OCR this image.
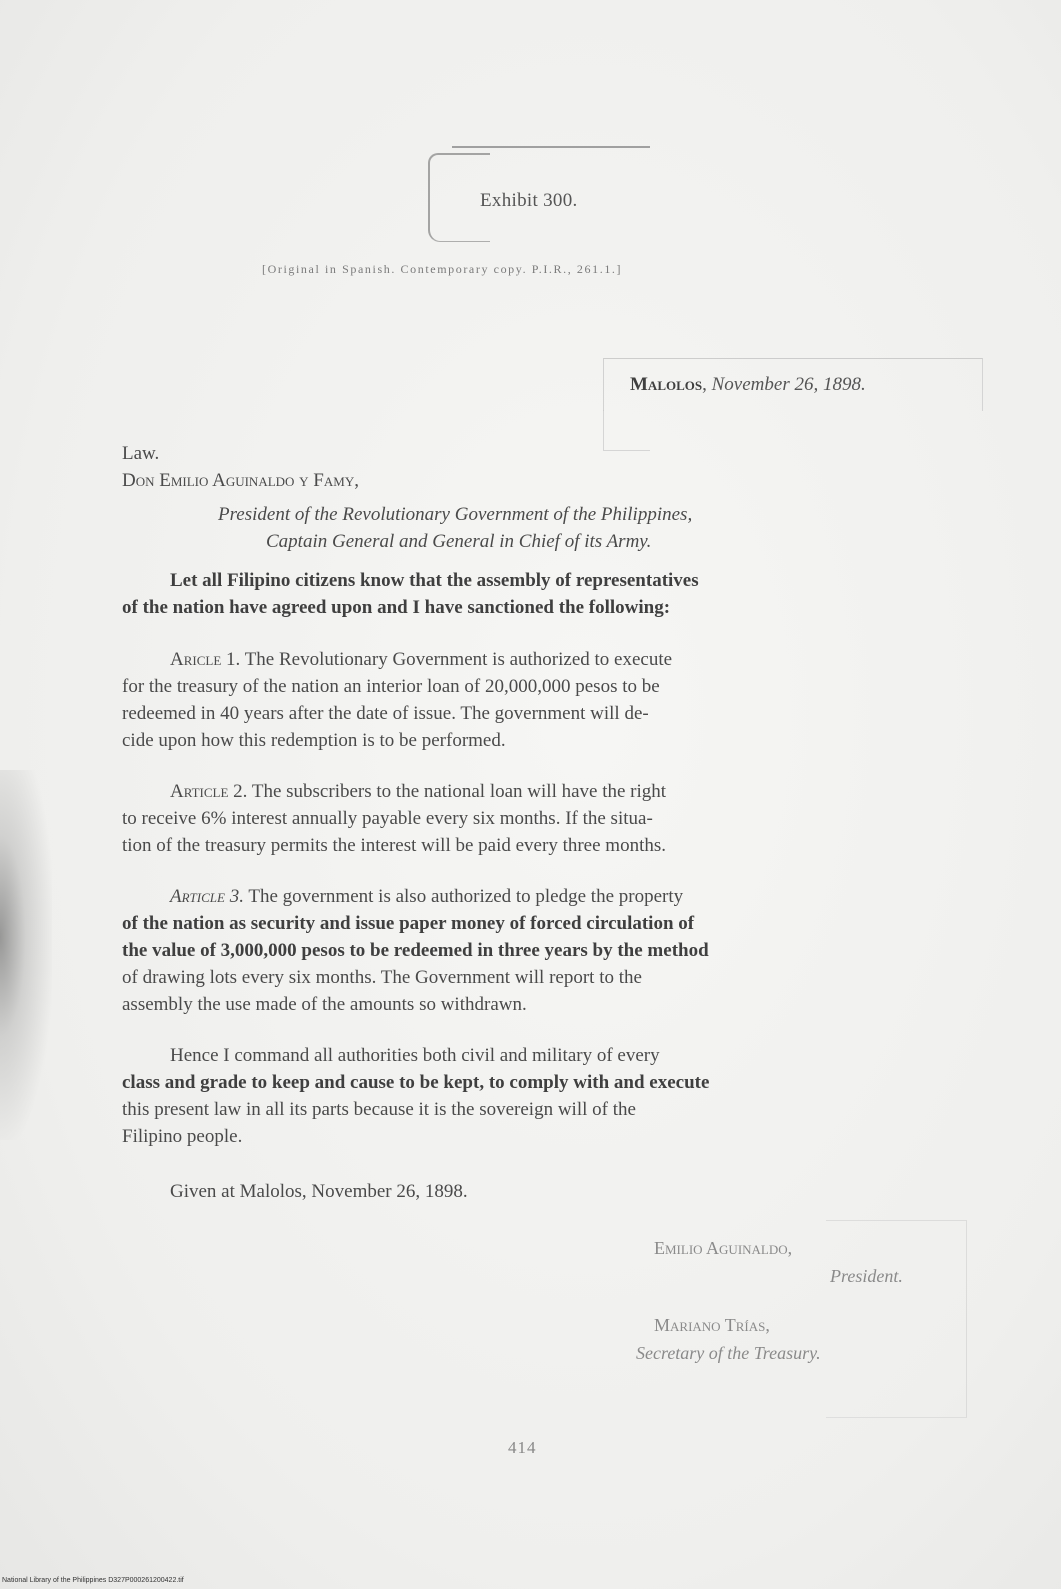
Exhibit 300.
[Original in Spanish. Contemporary copy. P.I.R., 261.1.]
Malolos, November 26, 1898.
Law.
Don Emilio Aguinaldo y Famy,
President of the Revolutionary Government of the Philippines,
Captain General and General in Chief of its Army.
Let all Filipino citizens know that the assembly of representatives
of the nation have agreed upon and I have sanctioned the following:
Aricle 1. The Revolutionary Government is authorized to execute
for the treasury of the nation an interior loan of 20,000,000 pesos to be
redeemed in 40 years after the date of issue. The government will de-
cide upon how this redemption is to be performed.
Article 2. The subscribers to the national loan will have the right
to receive 6% interest annually payable every six months. If the situa-
tion of the treasury permits the interest will be paid every three months.
Article 3. The government is also authorized to pledge the property
of the nation as security and issue paper money of forced circulation of
the value of 3,000,000 pesos to be redeemed in three years by the method
of drawing lots every six months. The Government will report to the
assembly the use made of the amounts so withdrawn.
Hence I command all authorities both civil and military of every
class and grade to keep and cause to be kept, to comply with and execute
this present law in all its parts because it is the sovereign will of the
Filipino people.
Given at Malolos, November 26, 1898.
Emilio Aguinaldo,
President.
Mariano Trías,
Secretary of the Treasury.
414
National Library of the Philippines D327P000261200422.tif
